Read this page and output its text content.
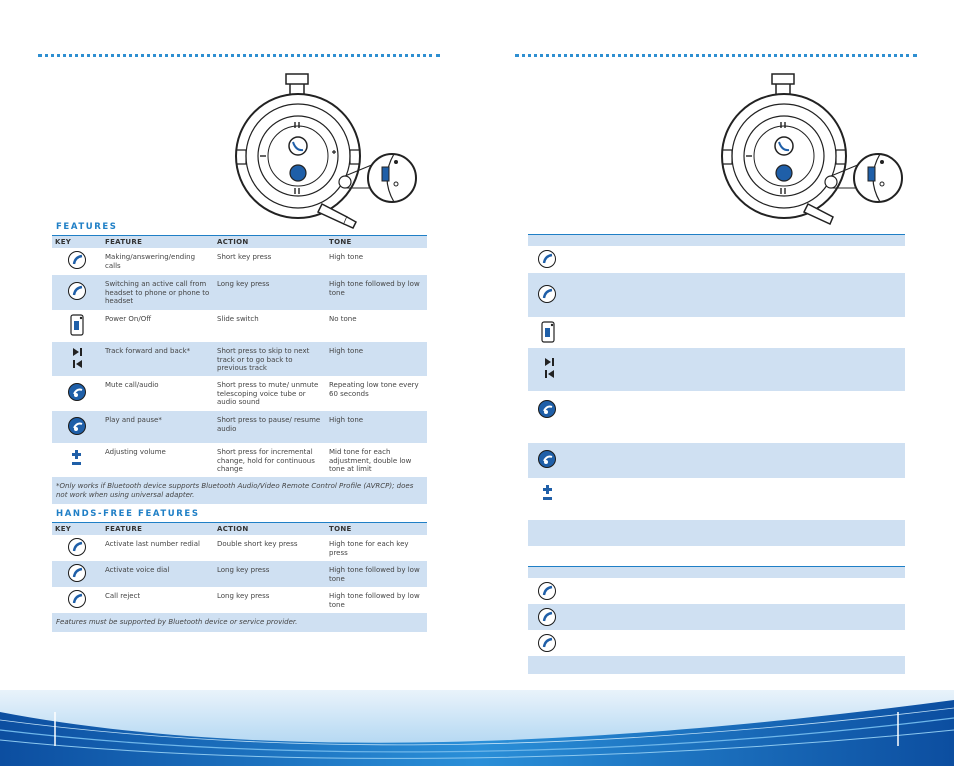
FEATURES
KEY	FEATURE	ACTION	TONE

	Making/answering/ending calls	Short key press	High tone

	Switching an active call from headset to phone or phone to headset	Long key press	High tone followed by low tone
	Power On/Off	Slide switch	No tone
	Track forward and back*	Short press to skip to next track or to go back to previous track	High tone

	Mute call/audio	Short press to mute/ unmute telescoping voice tube or audio sound	Repeating low tone every 60 seconds

	Play and pause*	Short press to pause/ resume audio	High tone
	Adjusting volume	Short press for incremental change, hold for continuous change	Mid tone for each adjustment, double low tone at limit
*Only works if Bluetooth device supports Bluetooth Audio/Video Remote Control Profile (AVRCP); does not work when using universal adapter.			
HANDS-FREE FEATURES
KEY	FEATURE	ACTION	TONE

	Activate last number redial	Double short key press	High tone for each key press

	Activate voice dial	Long key press	High tone followed by low tone

	Call reject	Long key press	High tone followed by low tone
Features must be supported by Bluetooth device or service provider.			
